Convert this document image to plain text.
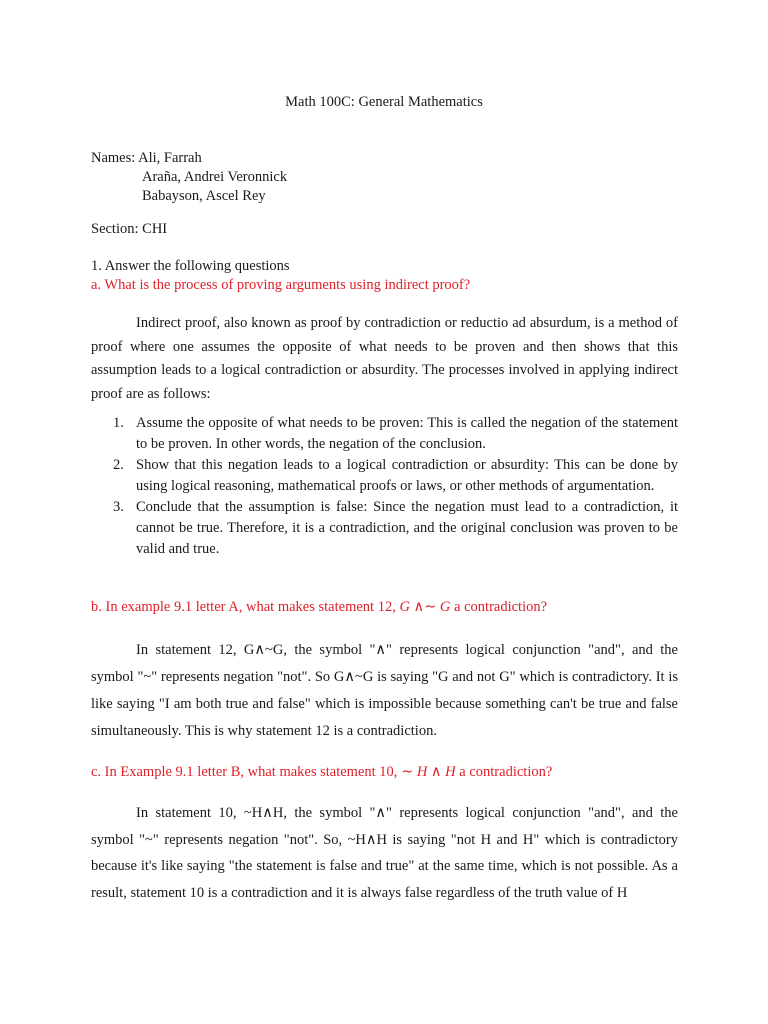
Math 100C: General Mathematics
Names: Ali, Farrah
Araña, Andrei Veronnick
Babayson, Ascel Rey
Section: CHI
1. Answer the following questions
a. What is the process of proving arguments using indirect proof?
Indirect proof, also known as proof by contradiction or reductio ad absurdum, is a method of proof where one assumes the opposite of what needs to be proven and then shows that this assumption leads to a logical contradiction or absurdity. The processes involved in applying indirect proof are as follows:
1. Assume the opposite of what needs to be proven: This is called the negation of the statement to be proven. In other words, the negation of the conclusion.
2. Show that this negation leads to a logical contradiction or absurdity: This can be done by using logical reasoning, mathematical proofs or laws, or other methods of argumentation.
3. Conclude that the assumption is false: Since the negation must lead to a contradiction, it cannot be true. Therefore, it is a contradiction, and the original conclusion was proven to be valid and true.
b. In example 9.1 letter A, what makes statement 12, G ∧∼ G a contradiction?
In statement 12, G∧~G, the symbol "∧" represents logical conjunction "and", and the symbol "~" represents negation "not". So G∧~G is saying "G and not G" which is contradictory. It is like saying "I am both true and false" which is impossible because something can't be true and false simultaneously. This is why statement 12 is a contradiction.
c. In Example 9.1 letter B, what makes statement 10, ∼ H ∧ H a contradiction?
In statement 10, ~H∧H, the symbol "∧" represents logical conjunction "and", and the symbol "~" represents negation "not". So, ~H∧H is saying "not H and H" which is contradictory because it's like saying "the statement is false and true" at the same time, which is not possible. As a result, statement 10 is a contradiction and it is always false regardless of the truth value of H
